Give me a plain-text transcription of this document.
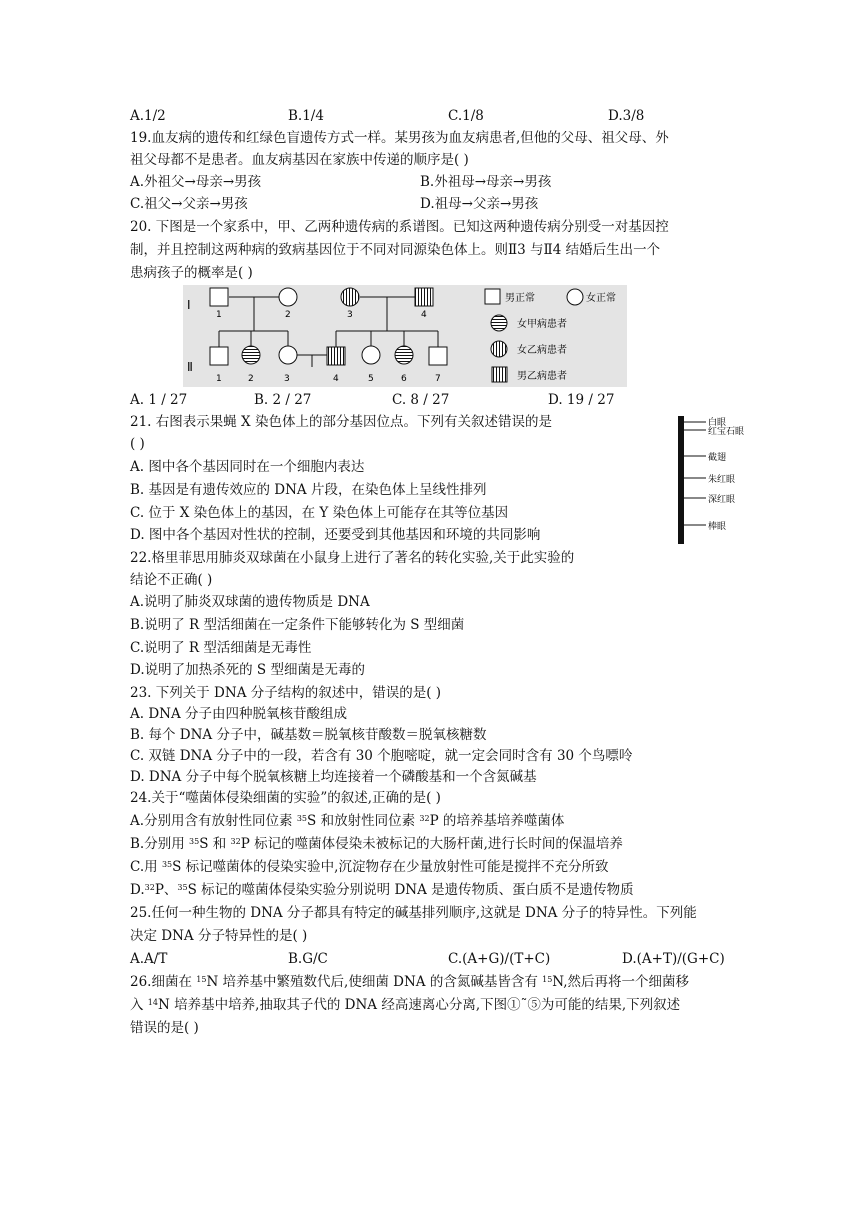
A.1/2	B.1/4	C.1/8	D.3/8
19.血友病的遗传和红绿色盲遗传方式一样。某男孩为血友病患者,但他的父母、祖父母、外
祖父母都不是患者。血友病基因在家族中传递的顺序是( )
A.外祖父→母亲→男孩	B.外祖母→母亲→男孩
C.祖父→父亲→男孩	D.祖母→父亲→男孩
20. 下图是一个家系中，甲、乙两种遗传病的系谱图。已知这两种遗传病分别受一对基因控
制，并且控制这两种病的致病基因位于不同对同源染色体上。则Ⅱ3 与Ⅱ4 结婚后生出一个
患病孩子的概率是( )
Ⅰ
Ⅱ
1	2	3	4
1	2	3	4	5	6	7
男正常	女正常
女甲病患者
女乙病患者
男乙病患者
A. 1 / 27	B. 2 / 27	C. 8 / 27	D. 19 / 27
21. 右图表示果蝇 X 染色体上的部分基因位点。下列有关叙述错误的是
( )
A. 图中各个基因同时在一个细胞内表达
B. 基因是有遗传效应的 DNA 片段，在染色体上呈线性排列
C. 位于 X 染色体上的基因，在 Y 染色体上可能存在其等位基因
D. 图中各个基因对性状的控制，还要受到其他基因和环境的共同影响
白眼
红宝石眼
截翅
朱红眼
深红眼
棒眼
22.格里菲思用肺炎双球菌在小鼠身上进行了著名的转化实验,关于此实验的
结论不正确( )
A.说明了肺炎双球菌的遗传物质是 DNA
B.说明了 R 型活细菌在一定条件下能够转化为 S 型细菌
C.说明了 R 型活细菌是无毒性
D.说明了加热杀死的 S 型细菌是无毒的
23. 下列关于 DNA 分子结构的叙述中，错误的是( )
A. DNA 分子由四种脱氧核苷酸组成
B. 每个 DNA 分子中，碱基数＝脱氧核苷酸数＝脱氧核糖数
C. 双链 DNA 分子中的一段，若含有 30 个胞嘧啶，就一定会同时含有 30 个鸟嘌呤
D. DNA 分子中每个脱氧核糖上均连接着一个磷酸基和一个含氮碱基
24.关于“噬菌体侵染细菌的实验”的叙述,正确的是( )
A.分别用含有放射性同位素 $^{35}$S 和放射性同位素 $^{32}$P 的培养基培养噬菌体
B.分别用 $^{35}$S 和 $^{32}$P 标记的噬菌体侵染未被标记的大肠杆菌,进行长时间的保温培养
C.用 $^{35}$S 标记噬菌体的侵染实验中,沉淀物存在少量放射性可能是搅拌不充分所致
D.$^{32}$P、$^{35}$S 标记的噬菌体侵染实验分别说明 DNA 是遗传物质、蛋白质不是遗传物质
25.任何一种生物的 DNA 分子都具有特定的碱基排列顺序,这就是 DNA 分子的特异性。下列能
决定 DNA 分子特异性的是( )
A.A/T	B.G/C	C.(A+G)/(T+C)	D.(A+T)/(G+C)
26.细菌在 $^{15}$N 培养基中繁殖数代后,使细菌 DNA 的含氮碱基皆含有 $^{15}$N,然后再将一个细菌移
入 $^{14}$N 培养基中培养,抽取其子代的 DNA 经高速离心分离,下图①˜⑤为可能的结果,下列叙述
错误的是( )
